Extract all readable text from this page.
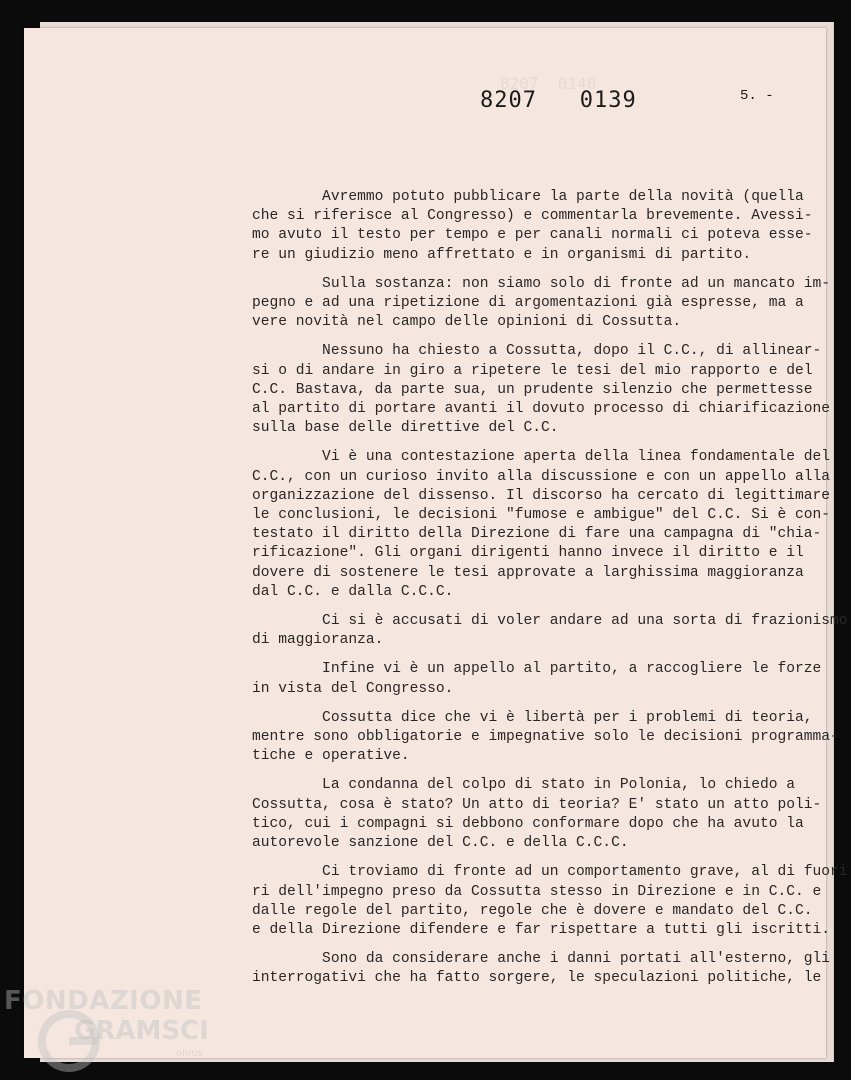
8207  0140
8207   0139	5. -
Avremmo potuto pubblicare la parte della novità (quella
che si riferisce al Congresso) e commentarla brevemente. Avessi-
mo avuto il testo per tempo e per canali normali ci poteva esse-
re un giudizio meno affrettato e in organismi di partito.
Sulla sostanza: non siamo solo di fronte ad un mancato im-
pegno e ad una ripetizione di argomentazioni già espresse, ma a
vere novità nel campo delle opinioni di Cossutta.
Nessuno ha chiesto a Cossutta, dopo il C.C., di allinear-
si o di andare in giro a ripetere le tesi del mio rapporto e del
C.C. Bastava, da parte sua, un prudente silenzio che permettesse
al partito di portare avanti il dovuto processo di chiarificazione
sulla base delle direttive del C.C.
Vi è una contestazione aperta della linea fondamentale del
C.C., con un curioso invito alla discussione e con un appello alla
organizzazione del dissenso. Il discorso ha cercato di legittimare
le conclusioni, le decisioni "fumose e ambigue" del C.C. Si è con-
testato il diritto della Direzione di fare una campagna di "chia-
rificazione". Gli organi dirigenti hanno invece il diritto e il
dovere di sostenere le tesi approvate a larghissima maggioranza
dal C.C. e dalla C.C.C.
Ci si è accusati di voler andare ad una sorta di frazionismo
di maggioranza.
Infine vi è un appello al partito, a raccogliere le forze
in vista del Congresso.
Cossutta dice che vi è libertà per i problemi di teoria,
mentre sono obbligatorie e impegnative solo le decisioni programma-
tiche e operative.
La condanna del colpo di stato in Polonia, lo chiedo a
Cossutta, cosa è stato? Un atto di teoria? E' stato un atto poli-
tico, cui i compagni si debbono conformare dopo che ha avuto la
autorevole sanzione del C.C. e della C.C.C.
Ci troviamo di fronte ad un comportamento grave, al di fuori
ri dell'impegno preso da Cossutta stesso in Direzione e in C.C. e
dalle regole del partito, regole che è dovere e mandato del C.C.
e della Direzione difendere e far rispettare a tutti gli iscritti.
Sono da considerare anche i danni portati all'esterno, gli
interrogativi che ha fatto sorgere, le speculazioni politiche, le
FONDAZIONE
GRAMSCI
onlus
